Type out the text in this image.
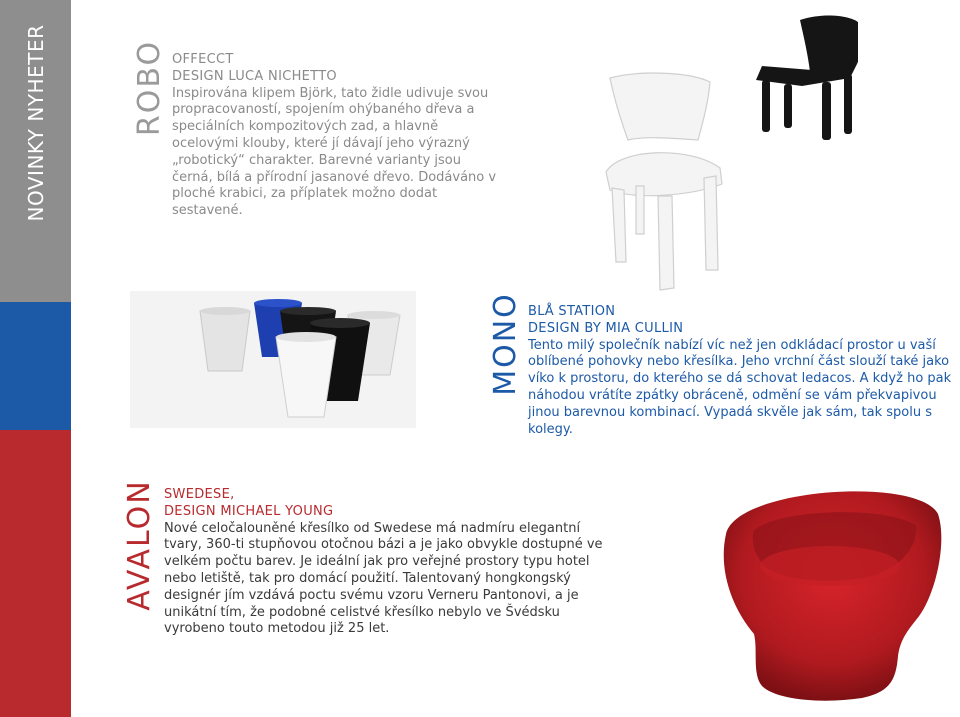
NOVINKY NYHETER	ROBO OFFECCT
DESIGN LUCA NICHETTO

Inspirována klipem Björk, tato židle udivuje svou propracovaností, spojením ohýbaného dřeva a speciálních kompozitových zad, a hlavně ocelovými klouby, které jí dávají jeho výrazný „robotický“ charakter. Barevné varianty jsou černá, bílá a přírodní jasanové dřevo. Dodáváno v ploché krabici, za příplatek možno dodat sestavené.

MONO BLÅ STATION
DESIGN BY MIA CULLIN

Tento milý společník nabízí víc než jen odkládací prostor u vaší oblíbené pohovky nebo křesílka. Jeho vrchní část slouží také jako víko k prostoru, do kterého se dá schovat ledacos. A když ho pak náhodou vrátíte zpátky obráceně, odmění se vám překvapivou jinou barevnou kombinací. Vypadá skvěle jak sám, tak spolu s kolegy.

AVALON SWEDESE,
DESIGN MICHAEL YOUNG

Nové celočalouněné křesílko od Swedese má nadmíru elegantní tvary, 360-ti stupňovou otočnou bázi a je jako obvykle dostupné ve velkém počtu barev. Je ideální jak pro veřejné prostory typu hotel nebo letiště, tak pro domácí použití. Talentovaný hongkongský designér jím vzdává poctu svému vzoru Verneru Pantonovi, a je unikátní tím, že podobné celistvé křesílko nebylo ve Švédsku vyrobeno touto metodou již 25 let.
